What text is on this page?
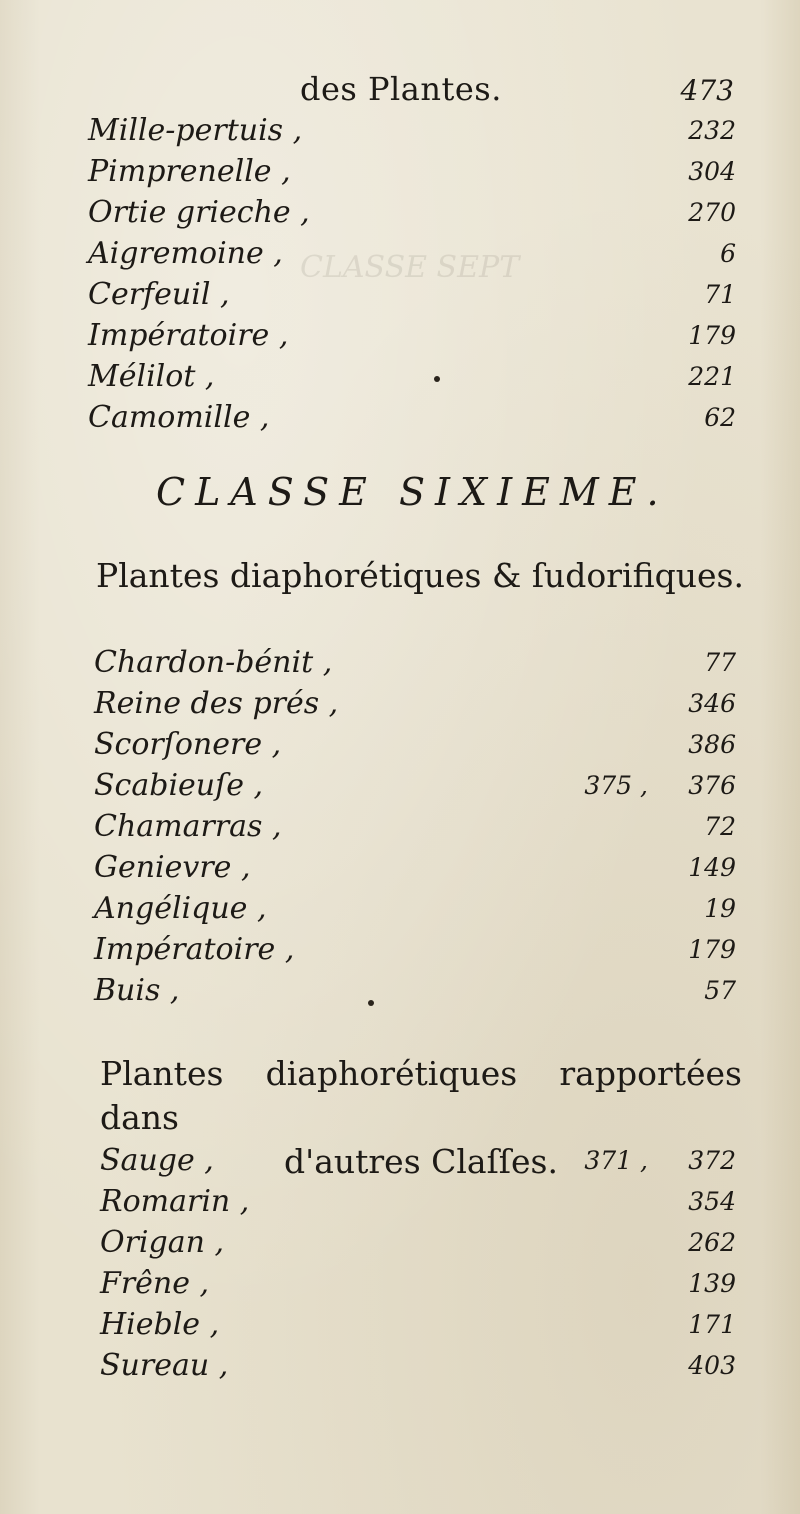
CLASSE SEPT
des Plantes.	473
Mille-pertuis ,	232
Pimprenelle ,	304
Ortie grieche ,	270
Aigremoine ,	6
Cerfeuil ,	71
Impératoire ,	179
Mélilot ,	221
Camomille ,	62
CLASSE SIXIEME.
Plantes diaphorétiques & ſudorifiques.
Chardon-bénit ,	77
Reine des prés ,	346
Scorſonere ,	386
Scabieuſe ,	375 , 376
Chamarras ,	72
Genievre ,	149
Angélique ,	19
Impératoire ,	179
Buis ,	57
Plantes diaphorétiques rapportées dans
d'autres Claſſes.
Sauge ,	371 , 372
Romarin ,	354
Origan ,	262
Frêne ,	139
Hieble ,	171
Sureau ,	403
